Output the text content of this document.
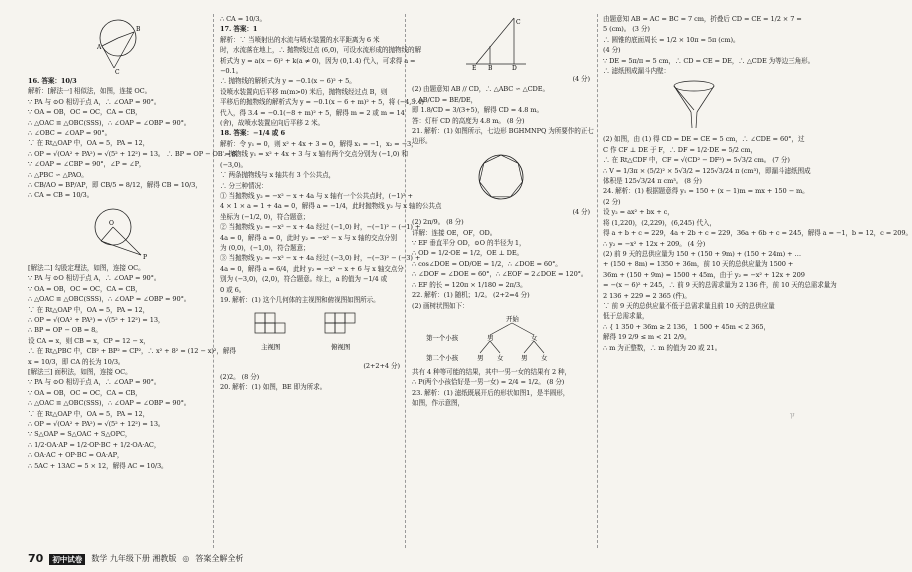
A
B
C
16. 答案：10/3
解析：[解法一] 相似法，如图，连接 OC。
∵ PA 与 ⊙O 相切于点 A，∴ ∠OAP = 90°。
∵ OA = OB，OC = OC，CA = CB，
∴ △OAC ≌ △OBC(SSS)，∴ ∠OAP = ∠OBP = 90°。
∴ ∠OBC = ∠OAP = 90°。
∵ 在 Rt△OAP 中，OA = 5，PA = 12，
∴ OP = √(OA² + PA²) = √(5² + 12²) = 13。 ∴ BP = OP − OB = 8。
∵ ∠OAP = ∠CBP = 90°，∠P = ∠P，
∴ △PBC ∽ △PAO。
∴ CB/AO = BP/AP，即 CB/5 = 8/12，解得 CB = 10/3，
∴ CA = CB = 10/3。
O
P
[解法二] 勾股定理法，如图，连接 OC。
∵ PA 与 ⊙O 相切于点 A，∴ ∠OAP = 90°。
∵ OA = OB，OC = OC，CA = CB，
∴ △OAC ≌ △OBC(SSS)，∴ ∠OAP = ∠OBP = 90°。
∵ 在 Rt△OAP 中，OA = 5，PA = 12，
∴ OP = √(OA² + PA²) = √(5² + 12²) = 13，
∴ BP = OP − OB = 8。
设 CA = x，则 CB = x，CP = 12 − x，
∴ 在 Rt△PBC 中，CB² + BP² = CP²，∴ x² + 8² = (12 − x)²，解得
x = 10/3，即 CA 的长为 10/3。
[解法三] 面积法，如图，连接 OC。
∵ PA 与 ⊙O 相切于点 A，∴ ∠OAP = 90°。
∵ OA = OB，OC = OC，CA = CB，
∴ △OAC ≌ △OBC(SSS)，∴ ∠OAP = ∠OBP = 90°。
∵ 在 Rt△OAP 中，OA = 5，PA = 12，
∴ OP = √(OA² + PA²) = √(5² + 12²) = 13。
∵ S△OAP = S△OAC + S△OPC，
∴ 1/2·OA·AP = 1/2·OP·BC + 1/2·OA·AC，
∴ OA·AC + OP·BC = OA·AP，
∴ 5AC + 13AC = 5 × 12，解得 AC = 10/3。
∴ CA = 10/3。
17. 答案：1
解析：∵ 当喷射出的水流与喷水装置的水平距离为 6 米
时，水流落在地上，∴ 抛物线过点 (6,0)，可设水流形成的抛物线的解
析式为 y = a(x − 6)² + k(a ≠ 0)，因为 (0,1.4) 代入，可求得 a =
−0.1。
∴ 抛物线的解析式为 y = −0.1(x − 6)² + 5。
设喷水装置向后平移 m(m>0) 米后，抛物线经过点 B，则
平移后的抛物线的解析式为 y = −0.1(x − 6 + m)² + 5，将 (−4,3.4)
代入，得 3.4 = −0.1(−8 + m)² + 5，解得 m = 2 或 m = 14
(舍)，故喷水装置应向后平移 2 米。
18. 答案：−1/4 或 6
解析：令 y₁ = 0，则 x² + 4x + 3 = 0，解得 x₁ = −1，x₂ = −3，
∴ 抛物线 y₁ = x² + 4x + 3 与 x 轴有两个交点分别为 (−1,0) 和
(−3,0)。
∵ 两条抛物线与 x 轴共有 3 个公共点，
∴ 分三种情况：
① 当抛物线 y₂ = −x² − x + 4a 与 x 轴有一个公共点时，(−1)² +
4 × 1 × a = 1 + 4a = 0，解得 a = −1/4，此时抛物线 y₂ 与 x 轴的公共点
坐标为 (−1/2, 0)，符合题意；
② 当抛物线 y₂ = −x² − x + 4a 经过 (−1,0) 时，−(−1)² − (−1) +
4a = 0，解得 a = 0，此时 y₂ = −x² − x 与 x 轴的交点分别
为 (0,0)，(−1,0)，符合题意；
③ 当抛物线 y₂ = −x² − x + 4a 经过 (−3,0) 时，−(−3)² − (−3) +
4a = 0，解得 a = 6/4，此时 y₂ = −x² − x + 6 与 x 轴交点分
别为 (−3,0)，(2,0)，符合题意。综上，a 的值为 −1/4 或
0 或 6。
19. 解析：(1) 这个几何体的主视图和俯视图如图所示。
主视图	俯视图
(2+2+4 分)
(2)2。 (8 分)
20. 解析：(1) 如图，BE 即为所求。
D
E B
C
(4 分)
(2) 由题意知 AB // CD，∴ △ABC ∽ △CDE。
∴ AB/CD = BE/DE，
即 1.8/CD = 3/(3+5)，解得 CD = 4.8 m。
答：灯杆 CD 的高度为 4.8 m。 (8 分)
21. 解析：(1) 如图所示，七边形 BGHMNPQ 为所要作的正七
边形。
(4 分)
(2) 2π/9。 (8 分)
详解：连接 OE，OF，OD。
∵ EF 垂直平分 OD，⊙O 的半径为 1，
∴ OD = 1/2·OE = 1/2，OE ⊥ DE。
∴ cos∠DOE = OD/OE = 1/2，∴ ∠DOE = 60°。
∴ ∠DOF = ∠DOE = 60°，∴ ∠EOF = 2∠DOE = 120°。
∴ EF 的长 = 120π × 1/180 = 2π/3。
22. 解析：(1) 随机；1/2。 (2+2=4 分)
(2) 画树状图如下：
开始
第一个小孩	男	女
第二个小孩	男 女	男 女
共有 4 种等可能的结果，其中一男一女的结果有 2 种，
∴ P(两个小孩恰好是一男一女) = 2/4 = 1/2。 (8 分)
23. 解析：(1) 滤纸既展开后的形状如图1，是半圆形，
如图，作示意图，
由题意知 AB = AC = BC = 7 cm，折叠后 CD = CE = 1/2 × 7 =
5 (cm)。 (3 分)
∴ 圆锥的底面周长 = 1/2 × 10π = 5π (cm)。
(4 分)
∵ DE = 5π/π = 5 cm，∴ CD = CE = DE，∴ △CDE 为等边三角形。
∴ 滤纸围成漏斗内壁：
(2) 如图，由 (1) 得 CD = DE = CE = 5 cm，∴ ∠CDE = 60°，过
C 作 CF ⊥ DE 于 F，∴ DF = 1/2·DE = 5/2 cm，
∴ 在 Rt△CDF 中，CF = √(CD² − DF²) = 5√3/2 cm。 (7 分)
∴ V = 1/3π × (5/2)² × 5√3/2 = 125√3/24 π (cm³)，即漏斗滤纸围成
体积是 125√3/24 π cm³。 (8 分)
24. 解析：(1) 根据题意得 y₁ = 150 + (x − 1)m = mx + 150 − m。
(2 分)
设 y₂ = ax² + bx + c，
将 (1,220)，(2,229)，(6,245) 代入，
得 a + b + c = 229，4a + 2b + c = 229，36a + 6b + c = 245，解得 a = −1，b = 12，c = 209。
∴ y₂ = −x² + 12x + 209。 (4 分)
(2) 前 9 天的总供应量为 150 + (150 + 9m) + (150 + 24m) + …
+ (150 + 8m) = 1350 + 36m，前 10 天的总供应量为 1500 +
36m + (150 + 9m) = 1500 + 45m，由于 y₂ = −x² + 12x + 209
= −(x − 6)² + 245，∴ 前 9 天的总需求量为 2 136 件，前 10 天的总需求量为
2 136 + 229 = 2 365 (件)。
∵ 前 9 天的总供应量不低于总需求量且前 10 天的总供应量
低于总需求量，
∴ { 1 350 + 36m ≥ 2 136， 1 500 + 45m < 2 365，
解得 19 2/9 ≤ m < 21 2/9。
∴ m 为正整数，∴ m 的值为 20 或 21。
ㄗ
70	初中试卷	数学 九年级下册 湘教版 ◎ 答案全解全析
